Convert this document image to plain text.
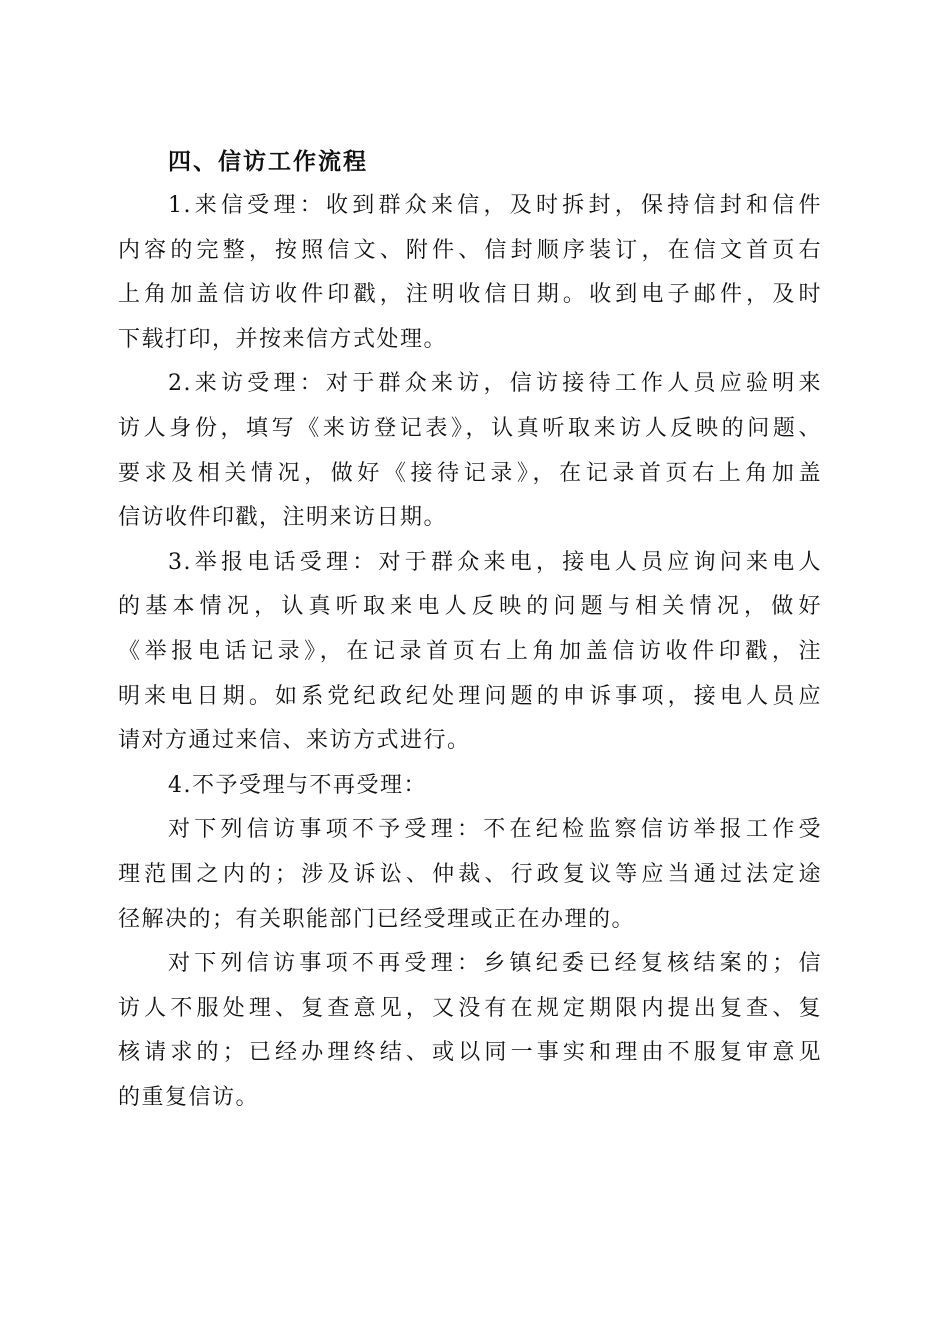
四、信访工作流程
1.来信受理：收到群众来信，及时拆封，保持信封和信件
内容的完整，按照信文、附件、信封顺序装订，在信文首页右
上角加盖信访收件印戳，注明收信日期。收到电子邮件，及时
下载打印，并按来信方式处理。
2.来访受理：对于群众来访，信访接待工作人员应验明来
访人身份，填写《来访登记表》，认真听取来访人反映的问题、
要求及相关情况，做好《接待记录》，在记录首页右上角加盖
信访收件印戳，注明来访日期。
3.举报电话受理：对于群众来电，接电人员应询问来电人
的基本情况，认真听取来电人反映的问题与相关情况，做好
《举报电话记录》，在记录首页右上角加盖信访收件印戳，注
明来电日期。如系党纪政纪处理问题的申诉事项，接电人员应
请对方通过来信、来访方式进行。
4.不予受理与不再受理：
对下列信访事项不予受理：不在纪检监察信访举报工作受
理范围之内的；涉及诉讼、仲裁、行政复议等应当通过法定途
径解决的；有关职能部门已经受理或正在办理的。
对下列信访事项不再受理：乡镇纪委已经复核结案的；信
访人不服处理、复查意见，又没有在规定期限内提出复查、复
核请求的；已经办理终结、或以同一事实和理由不服复审意见
的重复信访。
